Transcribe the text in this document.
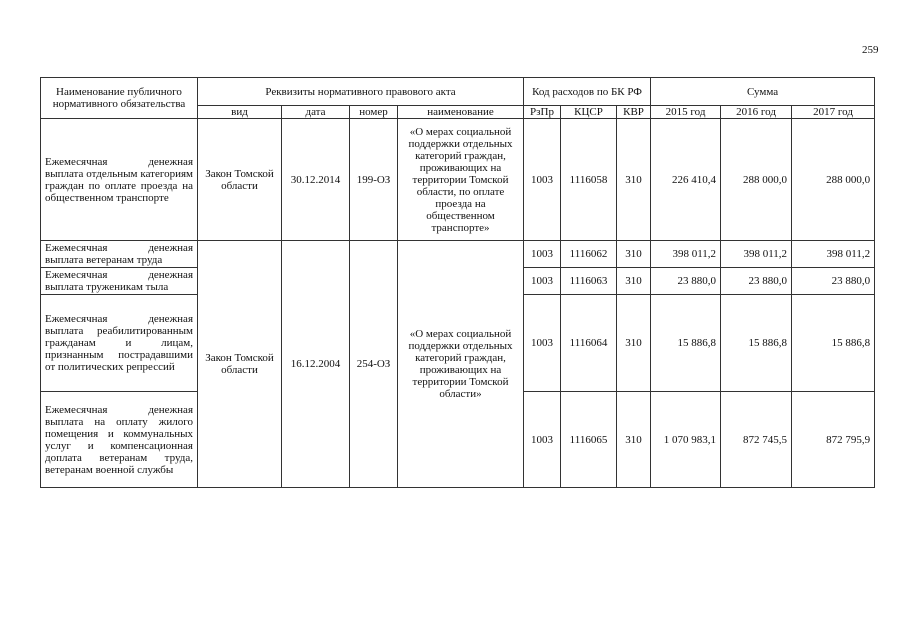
259
Наименование публичного нормативного обязательства	Реквизиты нормативного правового акта				Код расходов по БК РФ			Сумма		
	вид	дата	номер	наименование	РзПр	КЦСР	КВР	2015 год	2016 год	2017 год
Ежемесячная денежная выплата отдельным категориям граждан по оплате проезда на общественном транспорте	Закон Томской области	30.12.2014	199-ОЗ	«О мерах социальной поддержки отдельных категорий граждан, проживающих на территории Томской области, по оплате проезда на общественном транспорте»	1003	1116058	310	226 410,4	288 000,0	288 000,0
Ежемесячная денежная выплата ветеранам труда	Закон Томской области	16.12.2004	254-ОЗ	«О мерах социальной поддержки отдельных категорий граждан, проживающих на территории Томской области»	1003	1116062	310	398 011,2	398 011,2	398 011,2
Ежемесячная денежная выплата труженикам тыла					1003	1116063	310	23 880,0	23 880,0	23 880,0
Ежемесячная денежная выплата реабилитированным гражданам и лицам, признанным пострадавшими от политических репрессий					1003	1116064	310	15 886,8	15 886,8	15 886,8
Ежемесячная денежная выплата на оплату жилого помещения и коммунальных услуг и компенсационная доплата ветеранам труда, ветеранам военной службы					1003	1116065	310	1 070 983,1	872 745,5	872 795,9
